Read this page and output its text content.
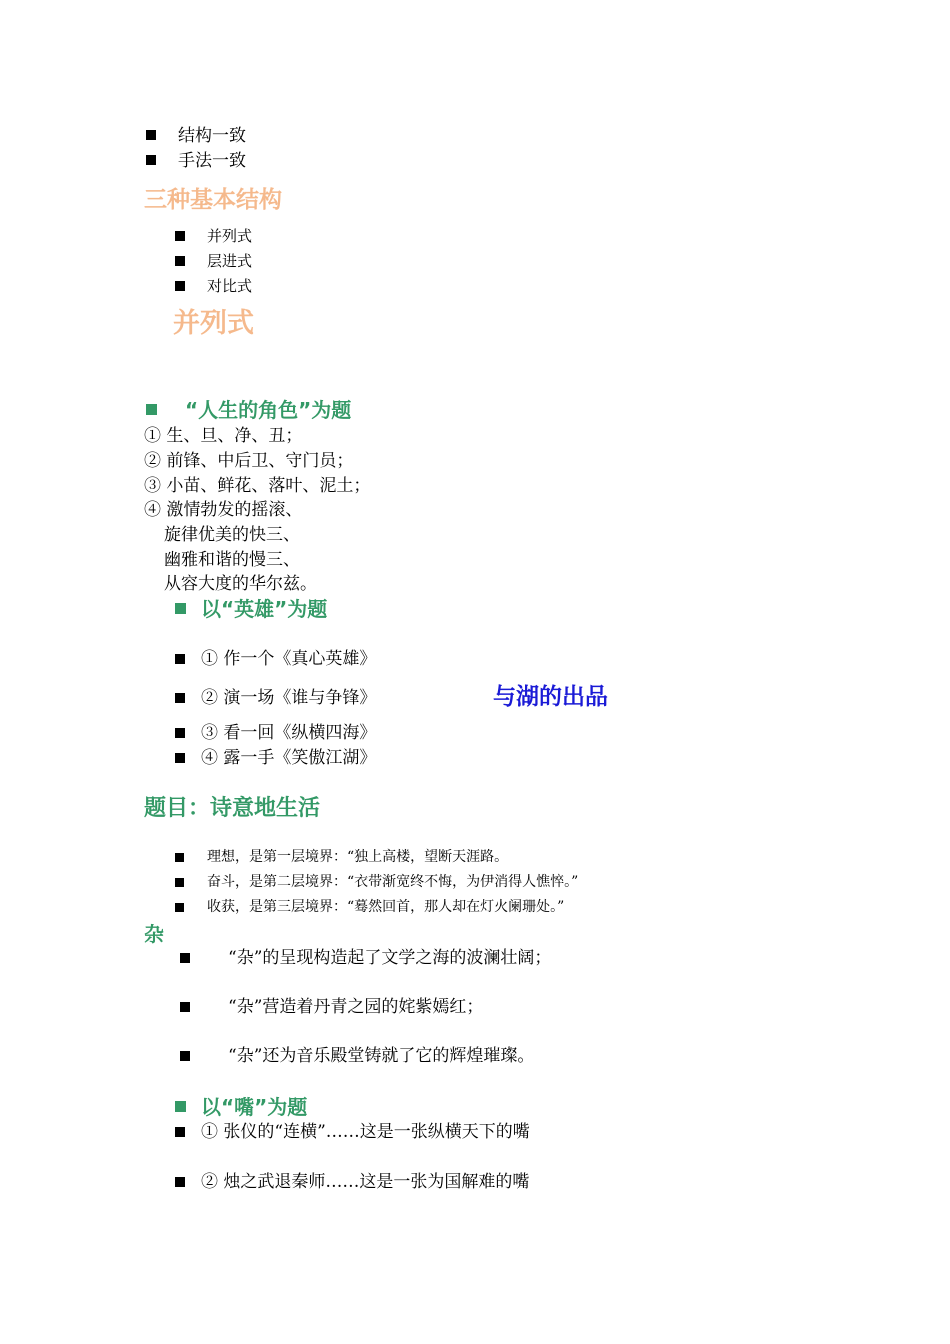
结构一致
手法一致
三种基本结构
并列式
层进式
对比式
并列式
“人生的角色”为题
① 生、旦、净、丑；
② 前锋、中后卫、守门员；
③ 小苗、鲜花、落叶、泥土；
④ 激情勃发的摇滚、
旋律优美的快三、
幽雅和谐的慢三、
从容大度的华尔兹。
以“英雄”为题
① 作一个《真心英雄》
② 演一场《谁与争锋》	与湖的出品
③ 看一回《纵横四海》
④ 露一手《笑傲江湖》
题目：诗意地生活
理想，是第一层境界：“独上高楼，望断天涯路。
奋斗，是第二层境界：“衣带渐宽终不悔，为伊消得人憔悴。”
收获，是第三层境界：“蓦然回首，那人却在灯火阑珊处。”
杂
“杂”的呈现构造起了文学之海的波澜壮阔；
“杂”营造着丹青之园的姹紫嫣红；
“杂”还为音乐殿堂铸就了它的辉煌璀璨。
以“嘴”为题
① 张仪的“连横”……这是一张纵横天下的嘴
② 烛之武退秦师……这是一张为国解难的嘴
